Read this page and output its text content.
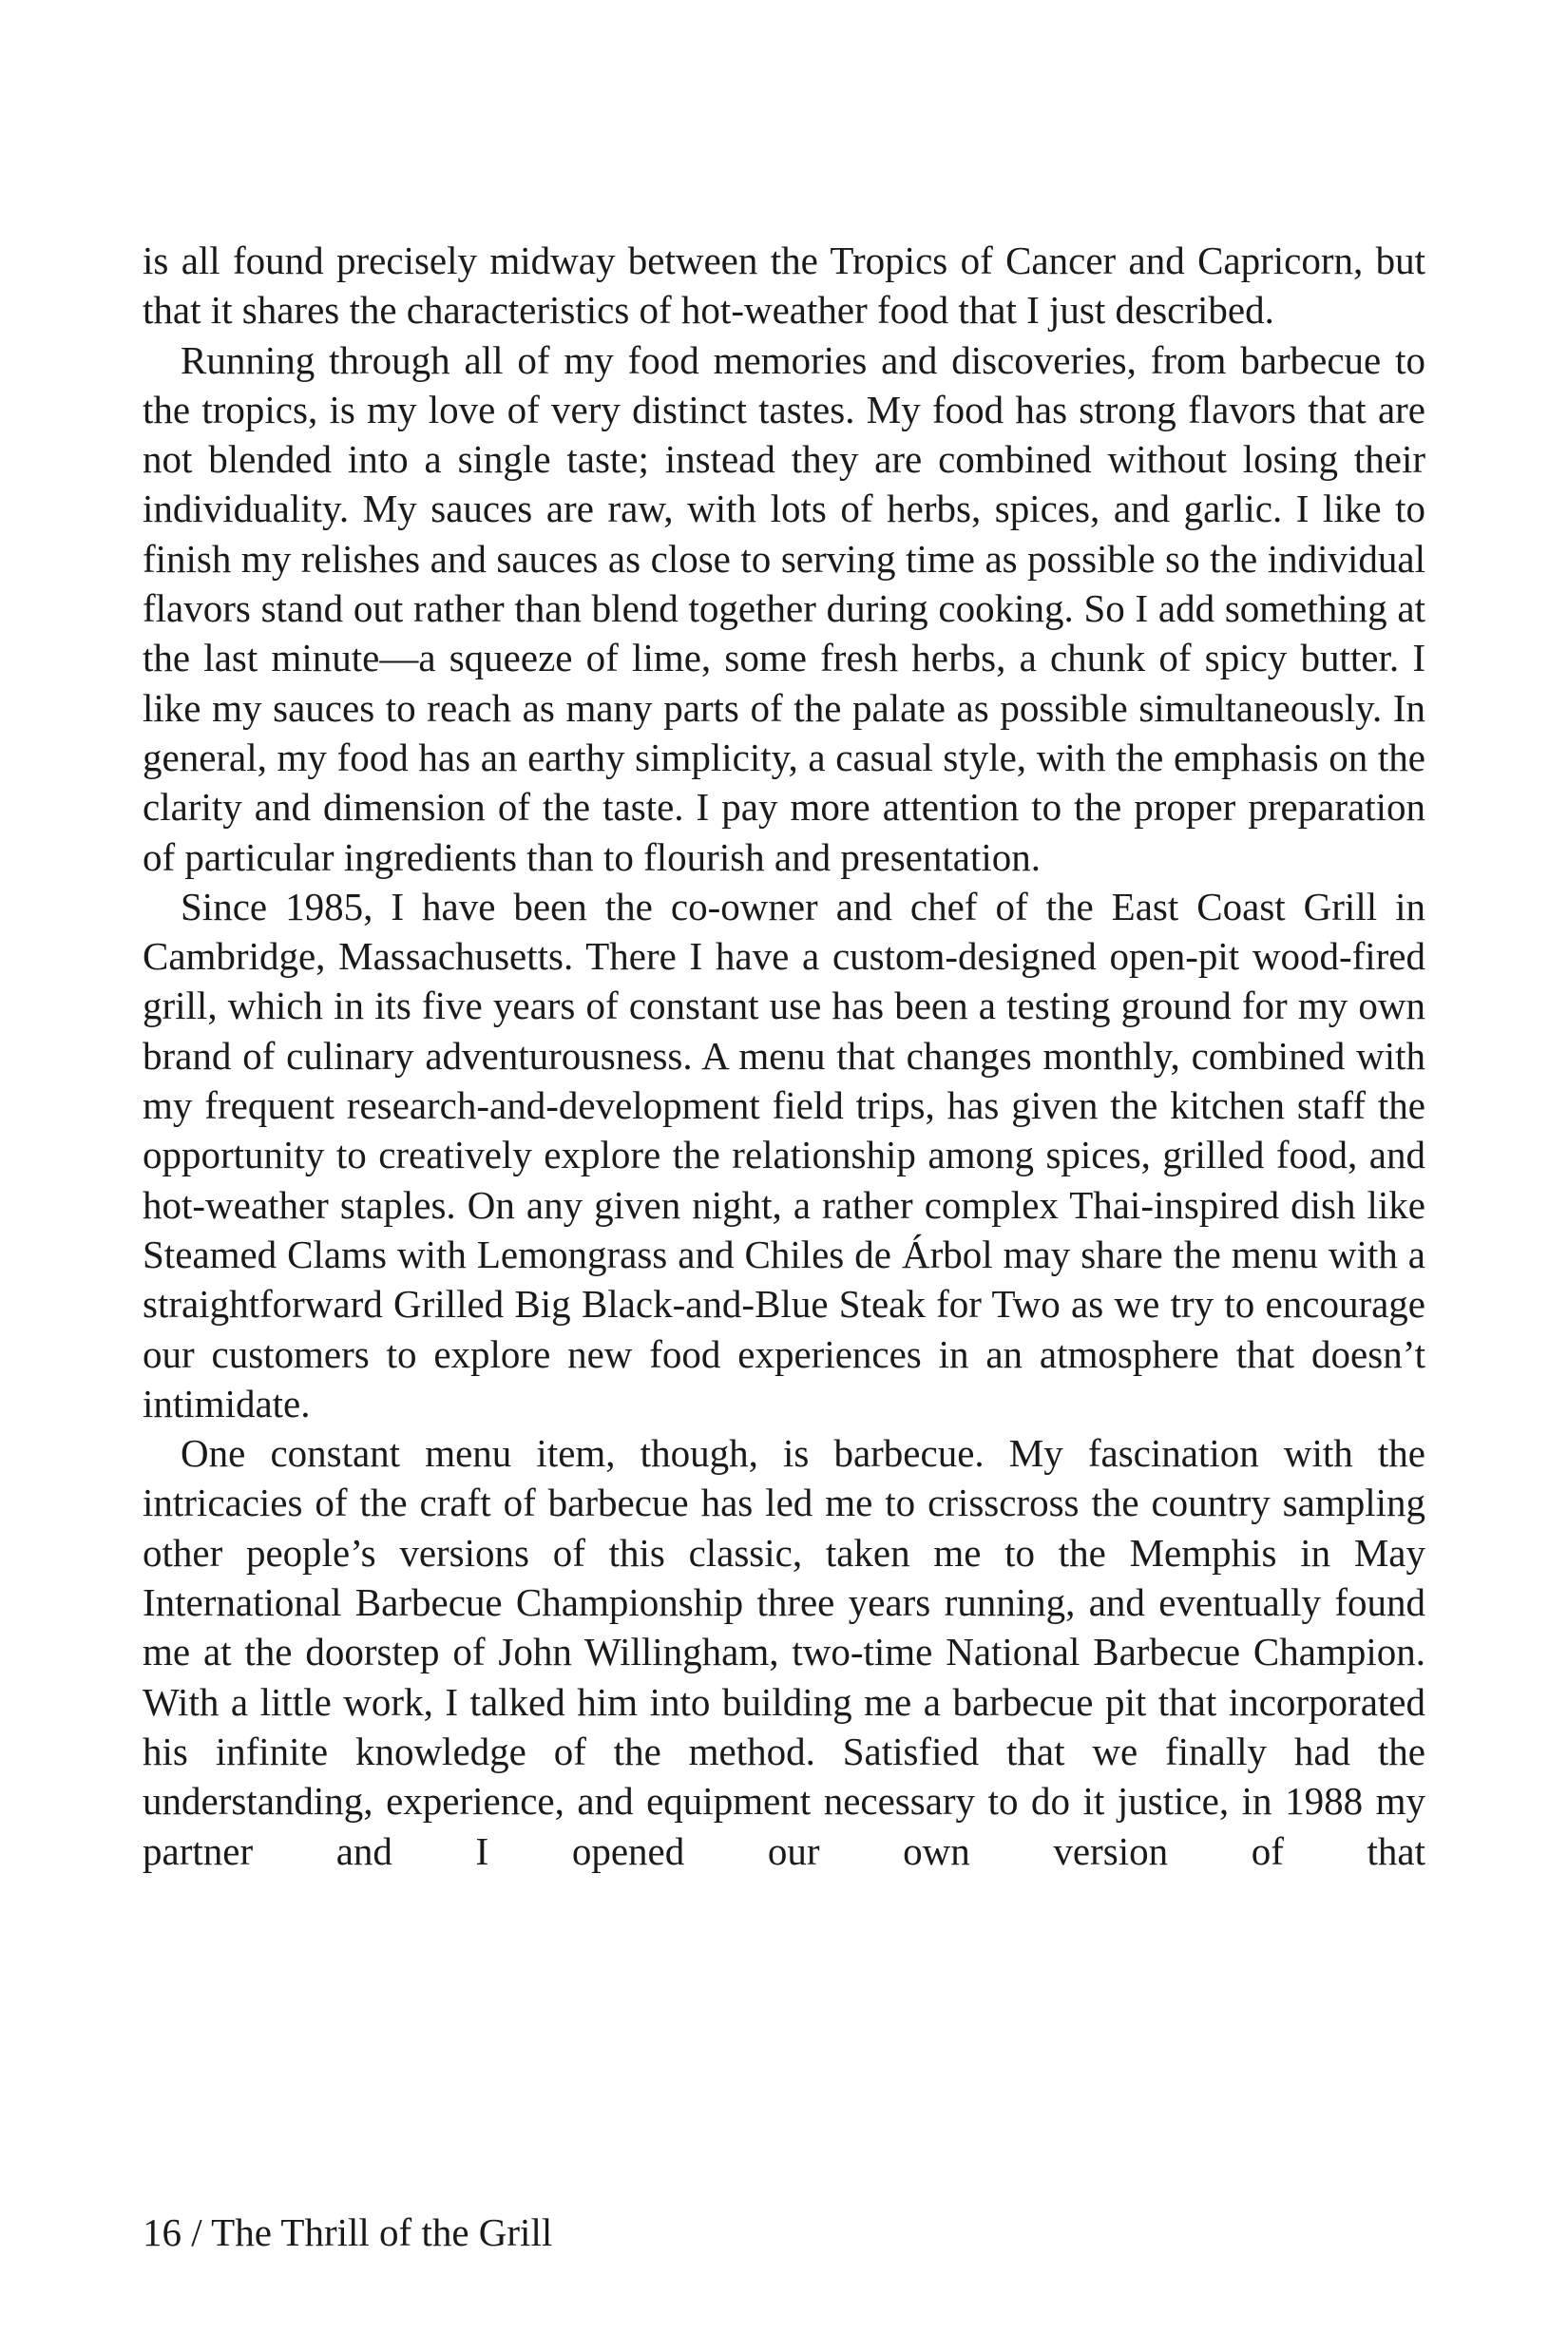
is all found precisely midway between the Tropics of Cancer and Capricorn, but that it shares the characteristics of hot-weather food that I just described.

Running through all of my food memories and discoveries, from barbecue to the tropics, is my love of very distinct tastes. My food has strong flavors that are not blended into a single taste; instead they are combined without losing their individuality. My sauces are raw, with lots of herbs, spices, and garlic. I like to finish my relishes and sauces as close to serving time as possible so the individual flavors stand out rather than blend together during cooking. So I add something at the last minute—a squeeze of lime, some fresh herbs, a chunk of spicy butter. I like my sauces to reach as many parts of the palate as possible simultaneously. In general, my food has an earthy simplicity, a casual style, with the emphasis on the clarity and dimension of the taste. I pay more attention to the proper preparation of particular ingredients than to flourish and presentation.

Since 1985, I have been the co-owner and chef of the East Coast Grill in Cambridge, Massachusetts. There I have a custom-designed open-pit wood-fired grill, which in its five years of constant use has been a testing ground for my own brand of culinary adventurousness. A menu that changes monthly, combined with my frequent research-and-development field trips, has given the kitchen staff the opportunity to creatively explore the relationship among spices, grilled food, and hot-weather staples. On any given night, a rather complex Thai-inspired dish like Steamed Clams with Lemongrass and Chiles de Árbol may share the menu with a straightforward Grilled Big Black-and-Blue Steak for Two as we try to encourage our customers to explore new food experiences in an atmosphere that doesn’t intimidate.

One constant menu item, though, is barbecue. My fascination with the intricacies of the craft of barbecue has led me to crisscross the country sampling other people’s versions of this classic, taken me to the Memphis in May International Barbecue Championship three years running, and eventually found me at the doorstep of John Willingham, two-time National Barbecue Champion. With a little work, I talked him into building me a barbecue pit that incorporated his infinite knowledge of the method. Satisfied that we finally had the understanding, experience, and equipment necessary to do it justice, in 1988 my partner and I opened our own version of that

16 / The Thrill of the Grill
